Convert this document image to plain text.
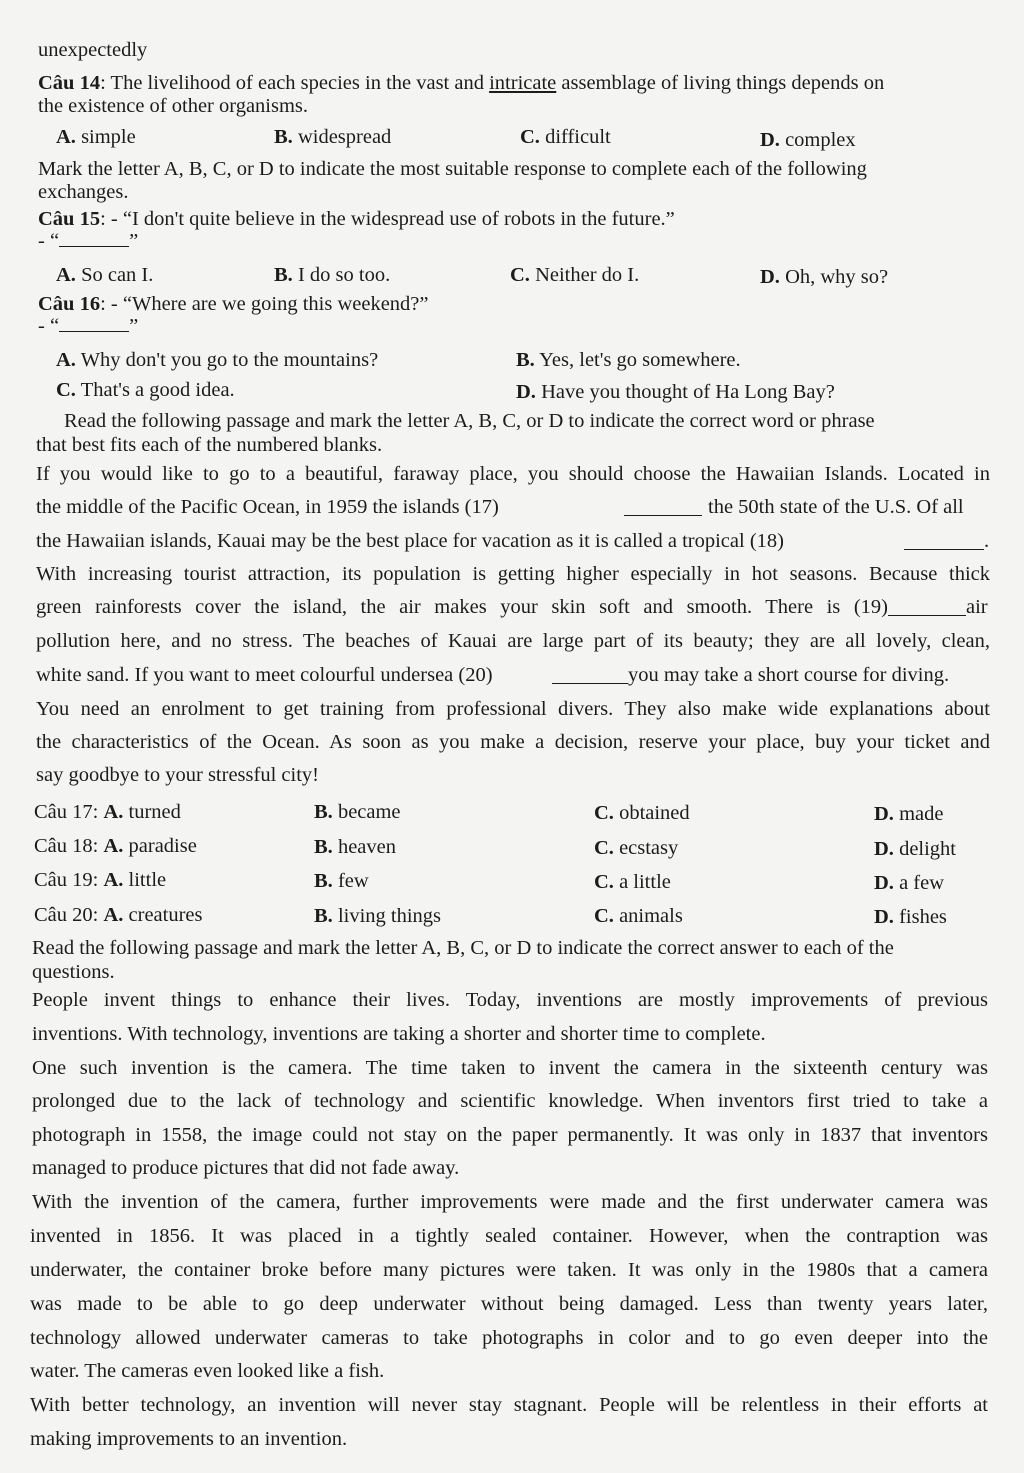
unexpectedly
Câu 14: The livelihood of each species in the vast and intricate assemblage of living things depends on
the existence of other organisms.
A. simple	B. widespread	C. difficult	D. complex
Mark the letter A, B, C, or D to indicate the most suitable response to complete each of the following
exchanges.
Câu 15: - “I don't quite believe in the widespread use of robots in the future.”
- “	”
A. So can I.	B. I do so too.	C. Neither do I.	D. Oh, why so?
Câu 16: - “Where are we going this weekend?”
- “	”
A. Why don't you go to the mountains?	B. Yes, let's go somewhere.
C. That's a good idea.	D. Have you thought of Ha Long Bay?
Read the following passage and mark the letter A, B, C, or D to indicate the correct word or phrase
that best fits each of the numbered blanks.
If you would like to go to a beautiful, faraway place, you should choose the Hawaiian Islands. Located in
the middle of the Pacific Ocean, in 1959 the islands (17)	the 50th state of the U.S. Of all
the Hawaiian islands, Kauai may be the best place for vacation as it is called a tropical (18)	.
With increasing tourist attraction, its population is getting higher especially in hot seasons. Because thick
green rainforests cover the island, the air makes your skin soft and smooth. There is (19)	air
pollution here, and no stress. The beaches of Kauai are large part of its beauty; they are all lovely, clean,
white sand. If you want to meet colourful undersea (20)	you may take a short course for diving.
You need an enrolment to get training from professional divers. They also make wide explanations about
the characteristics of the Ocean. As soon as you make a decision, reserve your place, buy your ticket and
say goodbye to your stressful city!
Câu 17: A. turned	B. became	C. obtained	D. made
Câu 18: A. paradise	B. heaven	C. ecstasy	D. delight
Câu 19: A. little	B. few	C. a little	D. a few
Câu 20: A. creatures	B. living things	C. animals	D. fishes
Read the following passage and mark the letter A, B, C, or D to indicate the correct answer to each of the
questions.
People invent things to enhance their lives. Today, inventions are mostly improvements of previous
inventions. With technology, inventions are taking a shorter and shorter time to complete.
One such invention is the camera. The time taken to invent the camera in the sixteenth century was
prolonged due to the lack of technology and scientific knowledge. When inventors first tried to take a
photograph in 1558, the image could not stay on the paper permanently. It was only in 1837 that inventors
managed to produce pictures that did not fade away.
With the invention of the camera, further improvements were made and the first underwater camera was
invented in 1856. It was placed in a tightly sealed container. However, when the contraption was
underwater, the container broke before many pictures were taken. It was only in the 1980s that a camera
was made to be able to go deep underwater without being damaged. Less than twenty years later,
technology allowed underwater cameras to take photographs in color and to go even deeper into the
water. The cameras even looked like a fish.
With better technology, an invention will never stay stagnant. People will be relentless in their efforts at
making improvements to an invention.
